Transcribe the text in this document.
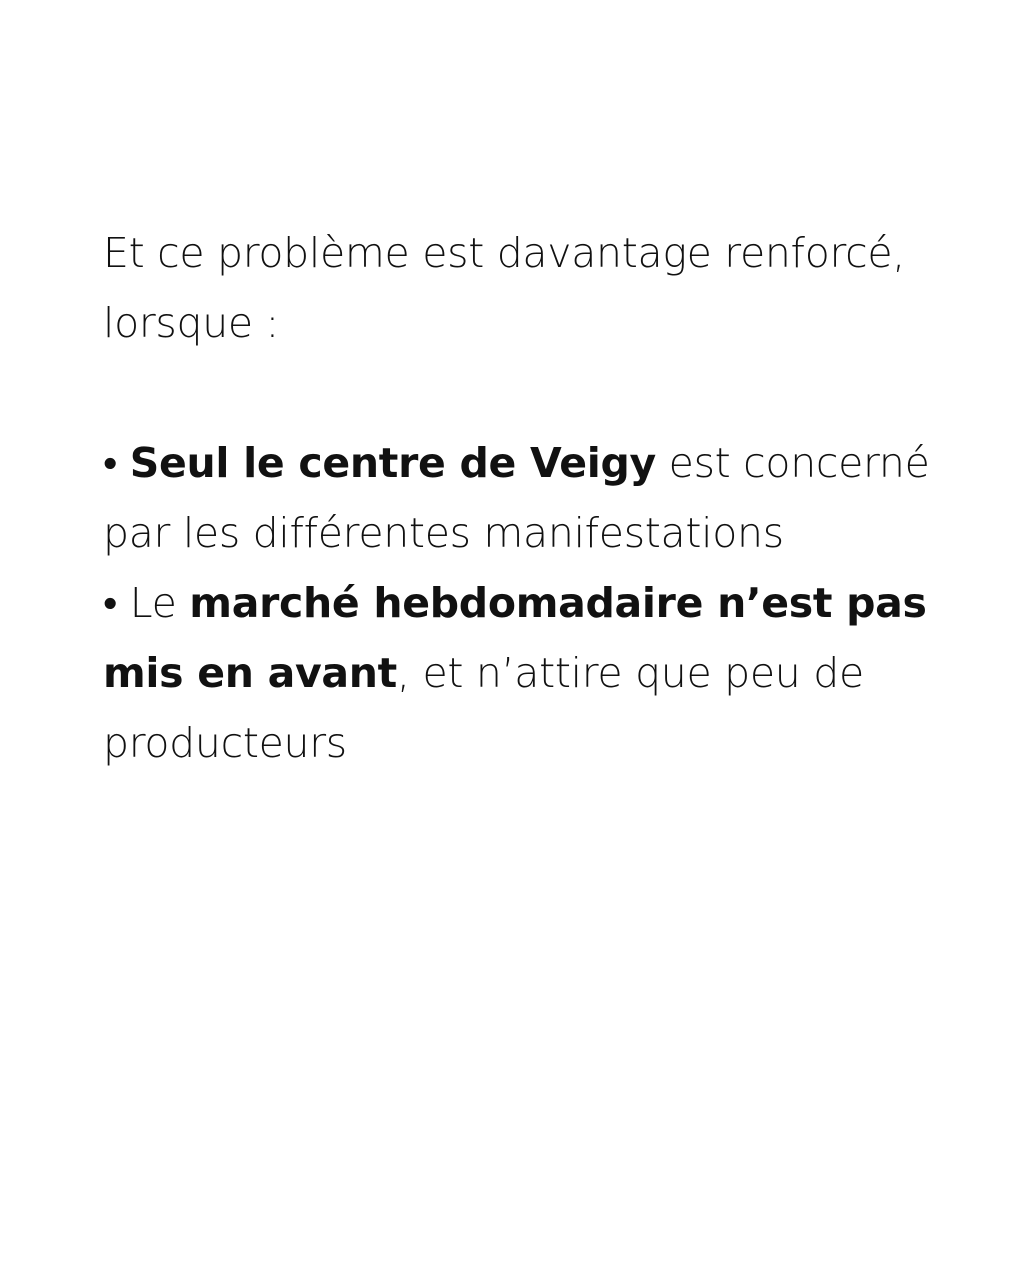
Et ce problème est davantage renforcé, lorsque :

• Seul le centre de Veigy est concerné par les différentes manifestations

• Le marché hebdomadaire n’est pas mis en avant, et n’attire que peu de producteurs
